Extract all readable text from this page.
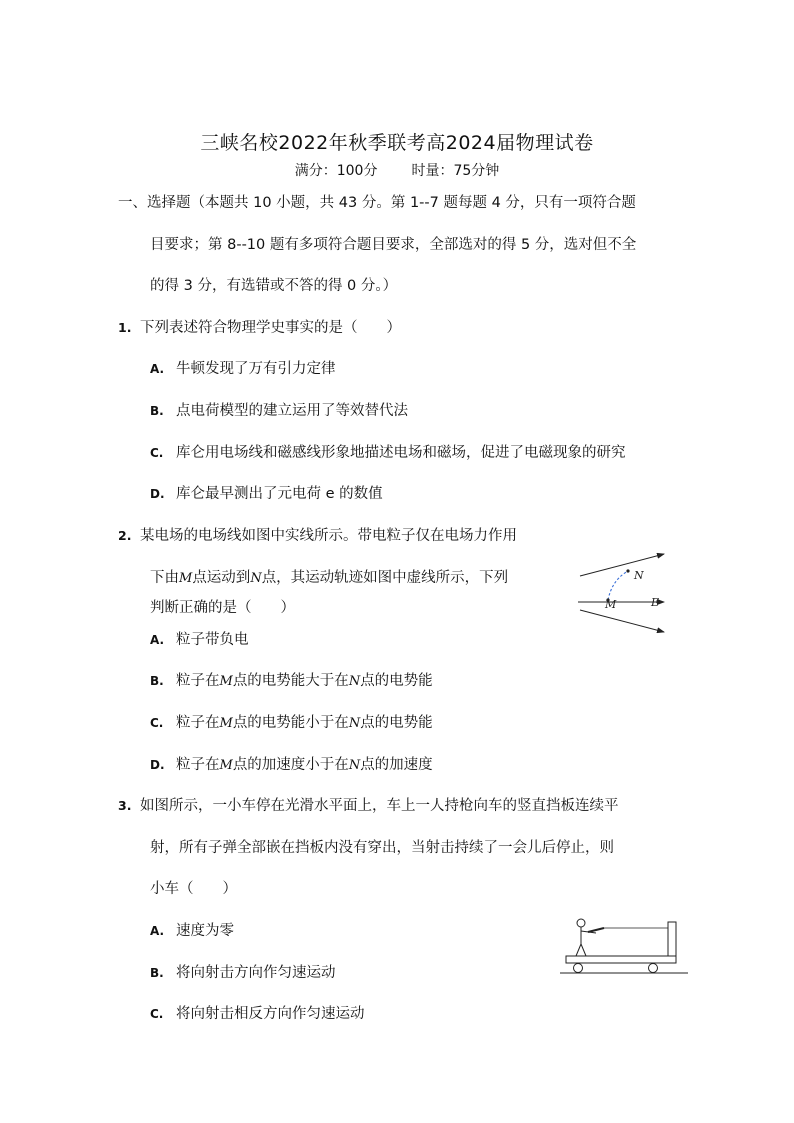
三峡名校2022年秋季联考高2024届物理试卷
满分：100分 时量：75分钟
一、选择题（本题共 10 小题，共 43 分。第 1--7 题每题 4 分，只有一项符合题
目要求；第 8--10 题有多项符合题目要求，全部选对的得 5 分，选对但不全
的得 3 分，有选错或不答的得 0 分。）
1. 下列表述符合物理学史事实的是（　　）
A. 牛顿发现了万有引力定律
B. 点电荷模型的建立运用了等效替代法
C. 库仑用电场线和磁感线形象地描述电场和磁场，促进了电磁现象的研究
D. 库仑最早测出了元电荷 e 的数值
2. 某电场的电场线如图中实线所示。带电粒子仅在电场力作用
下由M点运动到N点，其运动轨迹如图中虚线所示，下列
判断正确的是（　　）
N
M	E
A. 粒子带负电
B. 粒子在M点的电势能大于在N点的电势能
C. 粒子在M点的电势能小于在N点的电势能
D. 粒子在M点的加速度小于在N点的加速度
3. 如图所示，一小车停在光滑水平面上，车上一人持枪向车的竖直挡板连续平
射，所有子弹全部嵌在挡板内没有穿出，当射击持续了一会儿后停止，则
小车（　　）
A. 速度为零
B. 将向射击方向作匀速运动
C. 将向射击相反方向作匀速运动
